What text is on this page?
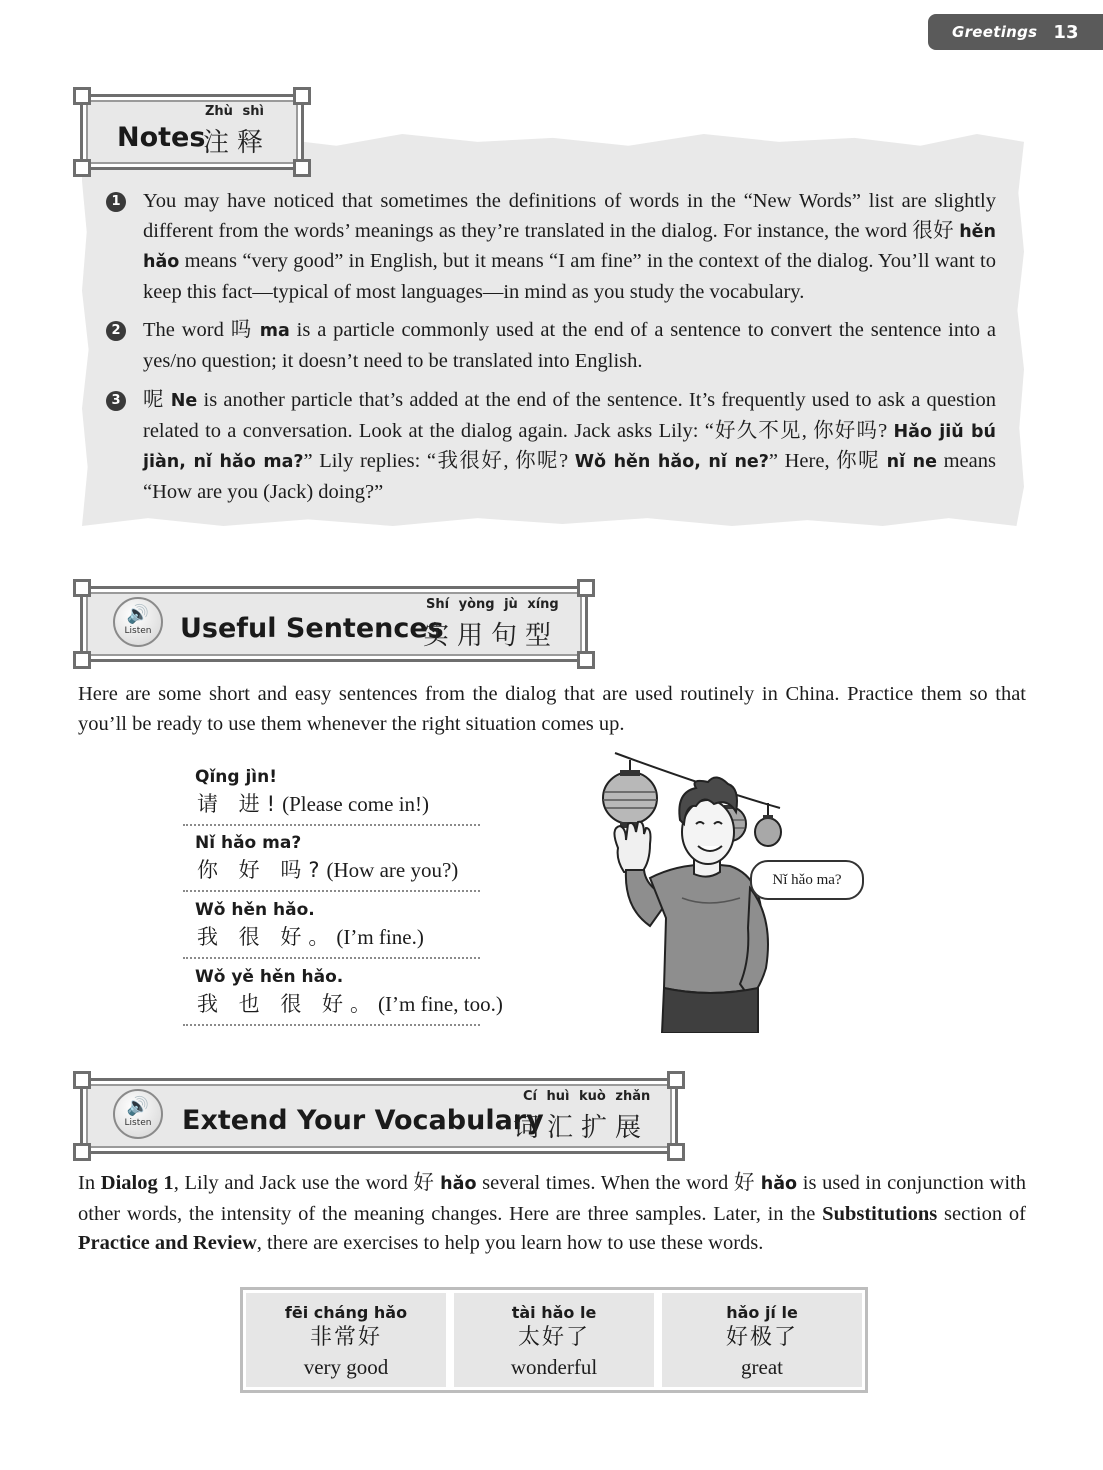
Greetings 13
Zhù shì
Notes
注释
1 You may have noticed that sometimes the definitions of words in the “New Words” list are slightly different from the words’ meanings as they’re translated in the dialog. For instance, the word 很好 hěn hǎo means “very good” in English, but it means “I am fine” in the context of the dialog. You’ll want to keep this fact—typical of most languages—in mind as you study the vocabulary.
2 The word 吗 ma is a particle commonly used at the end of a sentence to convert the sentence into a yes/no question; it doesn’t need to be translated into English.
3 呢 Ne is another particle that’s added at the end of the sentence. It’s frequently used to ask a question related to a conversation. Look at the dialog again. Jack asks Lily: “好久不见, 你好吗? Hǎo jiǔ bú jiàn, nǐ hǎo ma?” Lily replies: “我很好, 你呢? Wǒ hěn hǎo, nǐ ne?” Here, 你呢 nǐ ne means “How are you (Jack) doing?”
🔊
Listen	Useful Sentences
Shí yòng jù xíng
实用句型
Here are some short and easy sentences from the dialog that are used routinely in China. Practice them so that you’ll be ready to use them whenever the right situation comes up.
Qǐng jìn!
请 进!(Please come in!)
Nǐ hǎo ma?
你 好 吗?(How are you?)
Wǒ hěn hǎo.
我 很 好。(I’m fine.)
Wǒ yě hěn hǎo.
我 也 很 好。(I’m fine, too.)
Nǐ hǎo ma?
🔊
Listen	Extend Your Vocabulary
Cí huì kuò zhǎn
词汇扩展
In Dialog 1, Lily and Jack use the word 好 hǎo several times. When the word 好 hǎo is used in conjunction with other words, the intensity of the meaning changes. Here are three samples. Later, in the Substitutions section of Practice and Review, there are exercises to help you learn how to use these words.
fēi cháng hǎo
非常好
very good
tài hǎo le
太好了
wonderful
hǎo jí le
好极了
great
